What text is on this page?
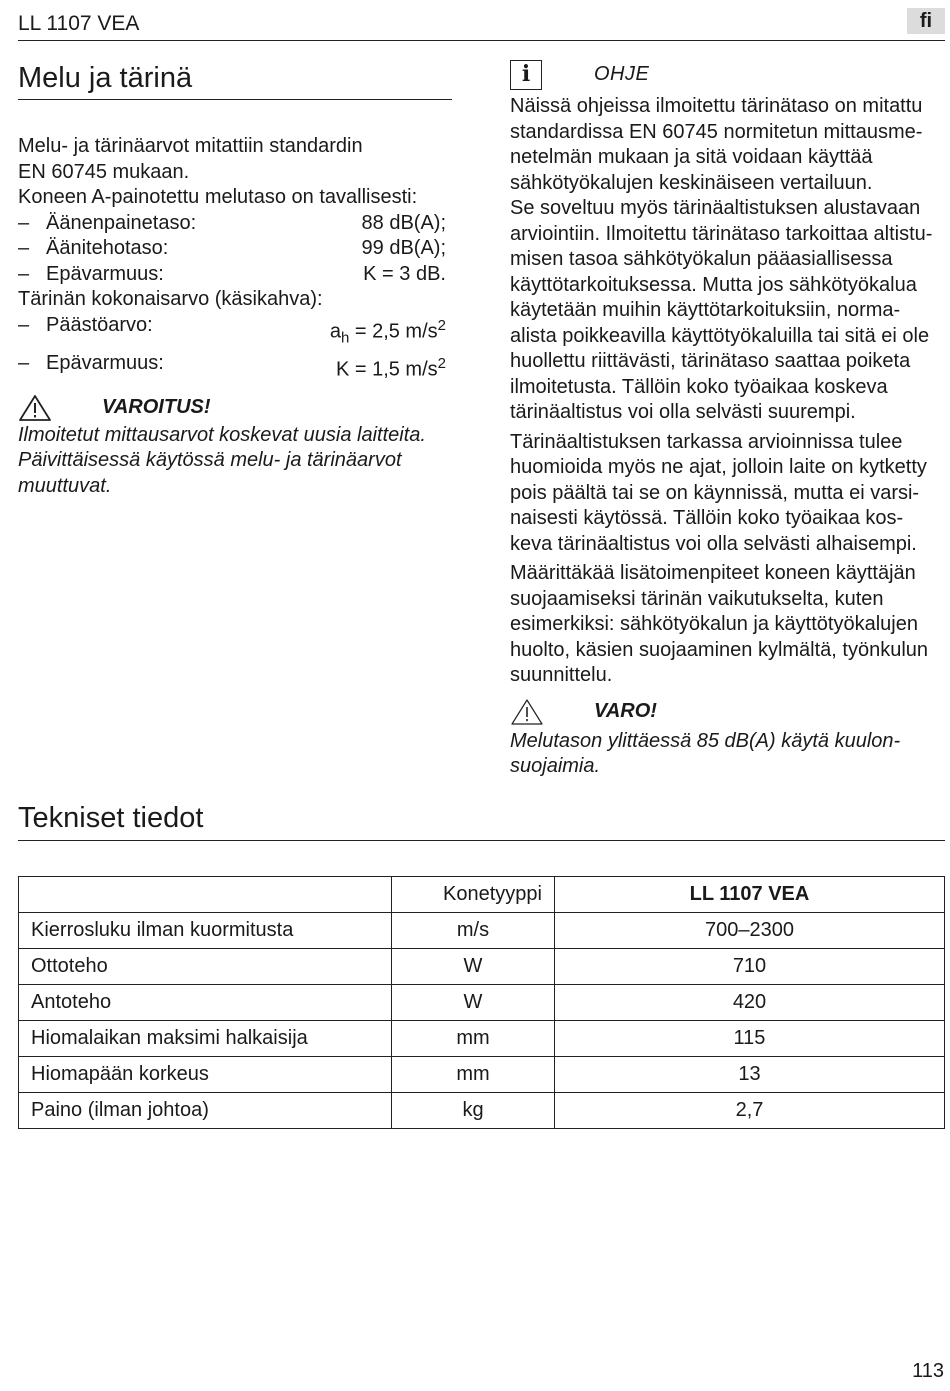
LL 1107 VEA	fi
Melu ja tärinä
Melu- ja tärinäarvot mitattiin standardin
EN 60745 mukaan.
Koneen A-painotettu melutaso on tavallisesti:
– Äänenpainetaso:	88 dB(A);
– Äänitehotaso:	99 dB(A);
– Epävarmuus:	K = 3 dB.
Tärinän kokonaisarvo (käsikahva):
– Päästöarvo:	$a_h = 2,5$ $m/s^2$
– Epävarmuus:	K = 1,5 $m/s^2$
VAROITUS!
Ilmoitetut mittausarvot koskevat uusia laitteita.
Päivittäisessä käytössä melu- ja tärinäarvot
muuttuvat.
i	OHJE
Näissä ohjeissa ilmoitettu tärinätaso on mitattu
standardissa EN 60745 normitetun mittausme-
netelmän mukaan ja sitä voidaan käyttää
sähkötyökalujen keskinäiseen vertailuun.
Se soveltuu myös tärinäaltistuksen alustavaan
arviointiin. Ilmoitettu tärinätaso tarkoittaa altistu-
misen tasoa sähkötyökalun pääasiallisessa
käyttötarkoituksessa. Mutta jos sähkötyökalua
käytetään muihin käyttötarkoituksiin, norma-
alista poikkeavilla käyttötyökaluilla tai sitä ei ole
huollettu riittävästi, tärinätaso saattaa poiketa
ilmoitetusta. Tällöin koko työaikaa koskeva
tärinäaltistus voi olla selvästi suurempi.
Tärinäaltistuksen tarkassa arvioinnissa tulee
huomioida myös ne ajat, jolloin laite on kytketty
pois päältä tai se on käynnissä, mutta ei varsi-
naisesti käytössä. Tällöin koko työaikaa kos-
keva tärinäaltistus voi olla selvästi alhaisempi.
Määrittäkää lisätoimenpiteet koneen käyttäjän
suojaamiseksi tärinän vaikutukselta, kuten
esimerkiksi: sähkötyökalun ja käyttötyökalujen
huolto, käsien suojaaminen kylmältä, työnkulun
suunnittelu.
VARO!
Melutason ylittäessä 85 dB(A) käytä kuulon-
suojaimia.
Tekniset tiedot
	Konetyyppi	LL 1107 VEA
Kierrosluku ilman kuormitusta	m/s	700–2300
Ottoteho	W	710
Antoteho	W	420
Hiomalaikan maksimi halkaisija	mm	115
Hiomapään korkeus	mm	13
Paino (ilman johtoa)	kg	2,7
113
